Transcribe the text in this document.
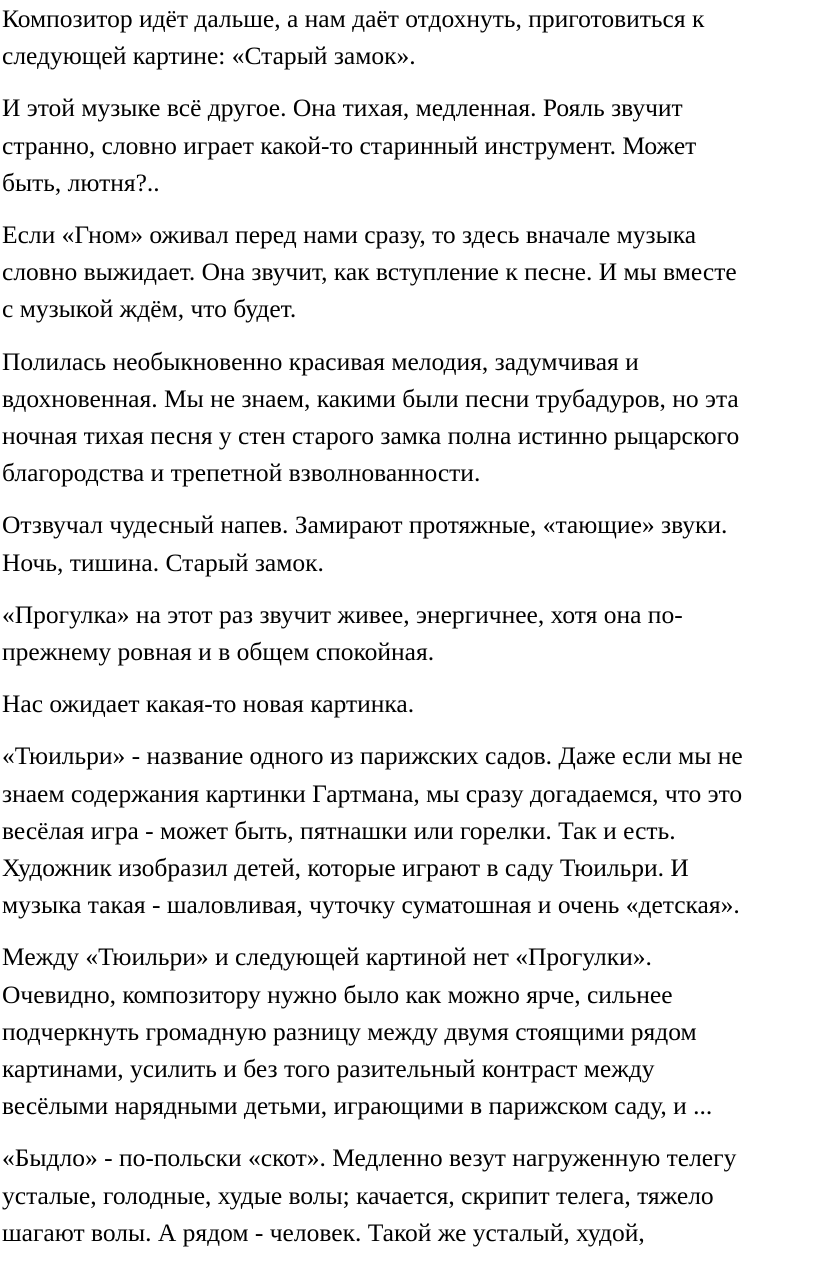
Композитор идёт дальше, а нам даёт отдохнуть, приготовиться к
следующей картине: «Старый замок».

И этой музыке всё другое. Она тихая, медленная. Рояль звучит
странно, словно играет какой-то старинный инструмент. Может
быть, лютня?..

Если «Гном» оживал перед нами сразу, то здесь вначале музыка
словно выжидает. Она звучит, как вступление к песне. И мы вместе
с музыкой ждём, что будет.

Полилась необыкновенно красивая мелодия, задумчивая и
вдохновенная. Мы не знаем, какими были песни трубадуров, но эта
ночная тихая песня у стен старого замка полна истинно рыцарского
благородства и трепетной взволнованности.

Отзвучал чудесный напев. Замирают протяжные, «тающие» звуки.
Ночь, тишина. Старый замок.

«Прогулка» на этот раз звучит живее, энергичнее, хотя она по-
прежнему ровная и в общем спокойная.

Нас ожидает какая-то новая картинка.

«Тюильри» - название одного из парижских садов. Даже если мы не
знаем содержания картинки Гартмана, мы сразу догадаемся, что это
весёлая игра - может быть, пятнашки или горелки. Так и есть.
Художник изобразил детей, которые играют в саду Тюильри. И
музыка такая - шаловливая, чуточку суматошная и очень «детская».

Между «Тюильри» и следующей картиной нет «Прогулки».
Очевидно, композитору нужно было как можно ярче, сильнее
подчеркнуть громадную разницу между двумя стоящими рядом
картинами, усилить и без того разительный контраст между
весёлыми нарядными детьми, играющими в парижском саду, и ...

«Быдло» - по-польски «скот». Медленно везут нагруженную телегу
усталые, голодные, худые волы; качается, скрипит телега, тяжело
шагают волы. А рядом - человек. Такой же усталый, худой,
